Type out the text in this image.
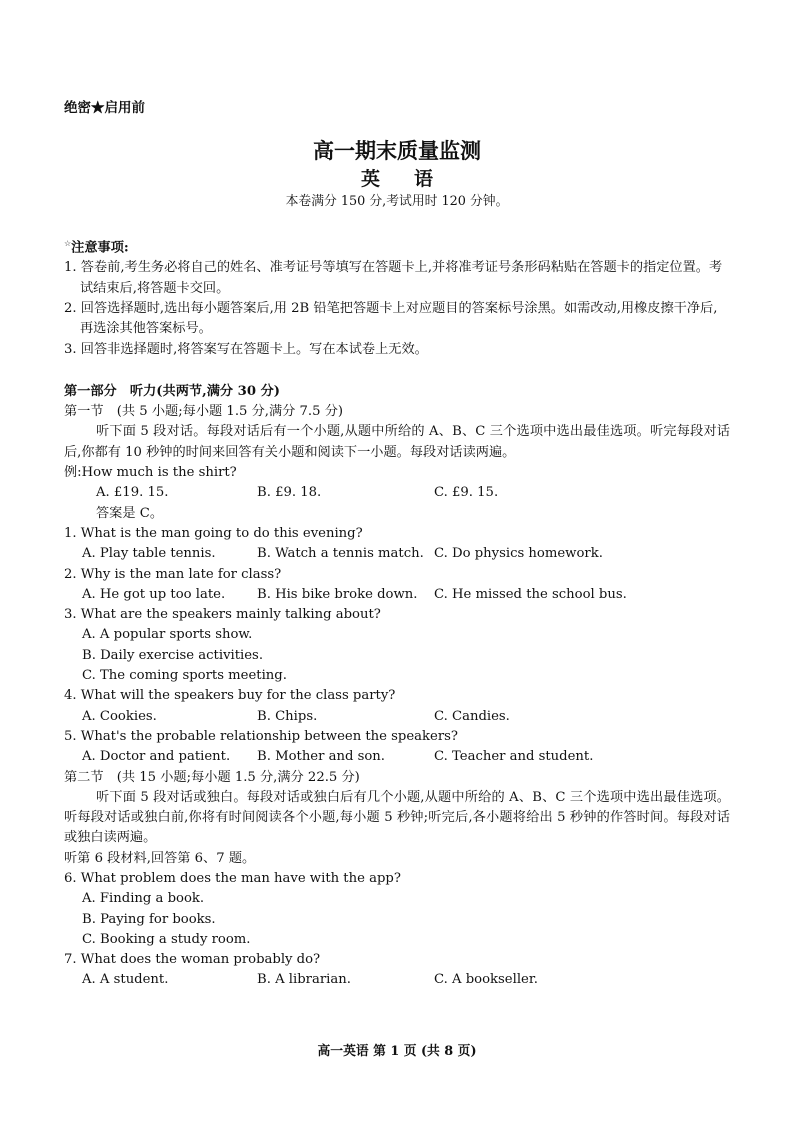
绝密★启用前
高一期末质量监测
英语
本卷满分 150 分,考试用时 120 分钟。
☆注意事项:
1. 答卷前,考生务必将自己的姓名、准考证号等填写在答题卡上,并将准考证号条形码粘贴在答题卡的指定位置。考试结束后,将答题卡交回。
2. 回答选择题时,选出每小题答案后,用 2B 铅笔把答题卡上对应题目的答案标号涂黑。如需改动,用橡皮擦干净后,再选涂其他答案标号。
3. 回答非选择题时,将答案写在答题卡上。写在本试卷上无效。
第一部分　听力(共两节,满分 30 分)
第一节　(共 5 小题;每小题 1.5 分,满分 7.5 分)
听下面 5 段对话。每段对话后有一个小题,从题中所给的 A、B、C 三个选项中选出最佳选项。听完每段对话后,你都有 10 秒钟的时间来回答有关小题和阅读下一小题。每段对话读两遍。
例:How much is the shirt?
A. £19. 15.	B. £9. 18.	C. £9. 15.
答案是 C。
1. What is the man going to do this evening?
A. Play table tennis.	B. Watch a tennis match. C. Do physics homework.
2. Why is the man late for class?
A. He got up too late.	B. His bike broke down.	C. He missed the school bus.
3. What are the speakers mainly talking about?
A. A popular sports show.
B. Daily exercise activities.
C. The coming sports meeting.
4. What will the speakers buy for the class party?
A. Cookies.	B. Chips.	C. Candies.
5. What's the probable relationship between the speakers?
A. Doctor and patient.	B. Mother and son.	C. Teacher and student.
第二节　(共 15 小题;每小题 1.5 分,满分 22.5 分)
听下面 5 段对话或独白。每段对话或独白后有几个小题,从题中所给的 A、B、C 三个选项中选出最佳选项。听每段对话或独白前,你将有时间阅读各个小题,每小题 5 秒钟;听完后,各小题将给出 5 秒钟的作答时间。每段对话或独白读两遍。
听第 6 段材料,回答第 6、7 题。
6. What problem does the man have with the app?
A. Finding a book.
B. Paying for books.
C. Booking a study room.
7. What does the woman probably do?
A. A student.	B. A librarian.	C. A bookseller.
高一英语 第 1 页 (共 8 页)
